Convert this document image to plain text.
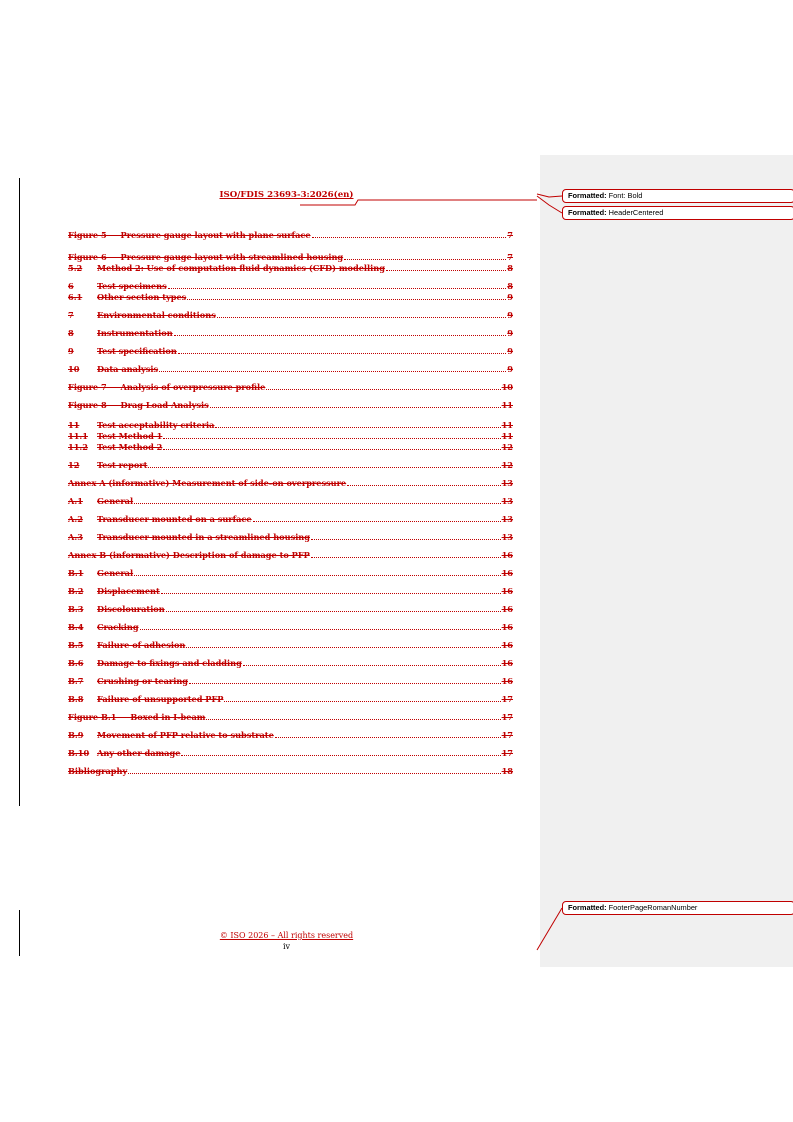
ISO/FDIS 23693-3:2026(en)
Figure 5 — Pressure gauge layout with plane surface	7
Figure 6 — Pressure gauge layout with streamlined housing	7
5.2	Method 2: Use of computation fluid dynamics (CFD) modelling	8
6	Test specimens	8
6.1	Other section types	9
7	Environmental conditions	9
8	Instrumentation	9
9	Test specification	9
10	Data analysis	9
Figure 7 — Analysis of overpressure profile	10
Figure 8 — Drag Load Analysis	11
11	Test acceptability criteria	11
11.1	Test Method 1	11
11.2	Test Method 2	12
12	Test report	12
Annex A (informative) Measurement of side-on overpressure	13
A.1	General	13
A.2	Transducer mounted on a surface	13
A.3	Transducer mounted in a streamlined housing	13
Annex B (informative) Description of damage to PFP	16
B.1	General	16
B.2	Displacement	16
B.3	Discolouration	16
B.4	Cracking	16
B.5	Failure of adhesion	16
B.6	Damage to fixings and cladding	16
B.7	Crushing or tearing	16
B.8	Failure of unsupported PFP	17
Figure B.1 — Boxed in I-beam	17
B.9	Movement of PFP relative to substrate	17
B.10 Any other damage	17
Bibliography	18
© ISO 2026 – All rights reserved
iv
Formatted: Font: Bold
Formatted: HeaderCentered
Formatted: FooterPageRomanNumber
